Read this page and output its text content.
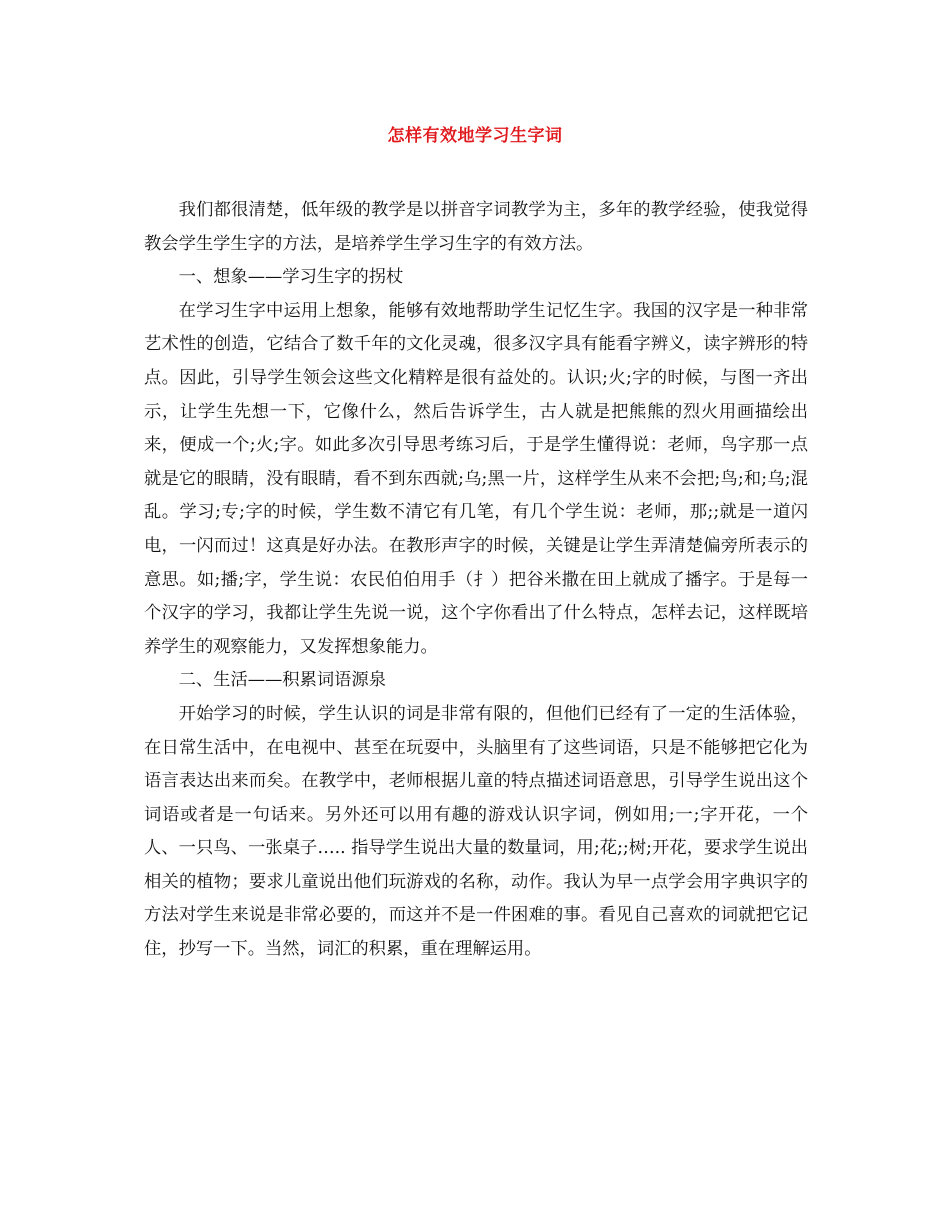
怎样有效地学习生字词

我们都很清楚，低年级的教学是以拼音字词教学为主，多年的教学经验，使我觉得教会学生学生字的方法，是培养学生学习生字的有效方法。

一、想象——学习生字的拐杖

在学习生字中运用上想象，能够有效地帮助学生记忆生字。我国的汉字是一种非常艺术性的创造，它结合了数千年的文化灵魂，很多汉字具有能看字辨义，读字辨形的特点。因此，引导学生领会这些文化精粹是很有益处的。认识;火;字的时候，与图一齐出示，让学生先想一下，它像什么，然后告诉学生，古人就是把熊熊的烈火用画描绘出来，便成一个;火;字。如此多次引导思考练习后，于是学生懂得说：老师，鸟字那一点就是它的眼睛，没有眼睛，看不到东西就;乌;黑一片，这样学生从来不会把;鸟;和;乌;混乱。学习;专;字的时候，学生数不清它有几笔，有几个学生说：老师，那;;就是一道闪电，一闪而过！这真是好办法。在教形声字的时候，关键是让学生弄清楚偏旁所表示的意思。如;播;字，学生说：农民伯伯用手（扌）把谷米撒在田上就成了播字。于是每一个汉字的学习，我都让学生先说一说，这个字你看出了什么特点，怎样去记，这样既培养学生的观察能力，又发挥想象能力。

二、生活——积累词语源泉

开始学习的时候，学生认识的词是非常有限的，但他们已经有了一定的生活体验，在日常生活中，在电视中、甚至在玩耍中，头脑里有了这些词语，只是不能够把它化为语言表达出来而矣。在教学中，老师根据儿童的特点描述词语意思，引导学生说出这个词语或者是一句话来。另外还可以用有趣的游戏认识字词，例如用;一;字开花，一个人、一只鸟、一张桌子….. 指导学生说出大量的数量词，用;花;;树;开花，要求学生说出相关的植物；要求儿童说出他们玩游戏的名称，动作。我认为早一点学会用字典识字的方法对学生来说是非常必要的，而这并不是一件困难的事。看见自己喜欢的词就把它记住，抄写一下。当然，词汇的积累，重在理解运用。
